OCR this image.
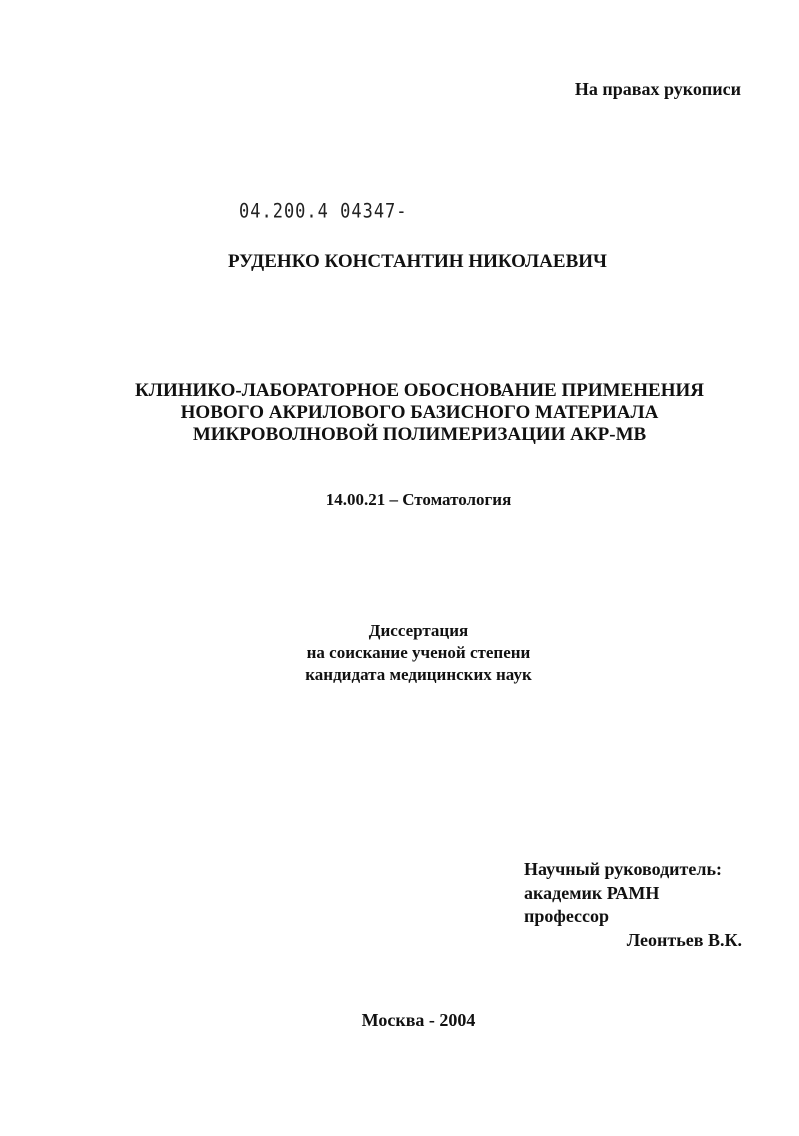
На правах рукописи
04.200.4 04347-
РУДЕНКО КОНСТАНТИН НИКОЛАЕВИЧ
КЛИНИКО-ЛАБОРАТОРНОЕ ОБОСНОВАНИЕ ПРИМЕНЕНИЯ
НОВОГО АКРИЛОВОГО БАЗИСНОГО МАТЕРИАЛА
МИКРОВОЛНОВОЙ ПОЛИМЕРИЗАЦИИ АКР-МВ
14.00.21 – Стоматология
Диссертация
на соискание ученой степени
кандидата медицинских наук
Научный руководитель:
академик РАМН
профессор
Леонтьев В.К.
Москва - 2004
